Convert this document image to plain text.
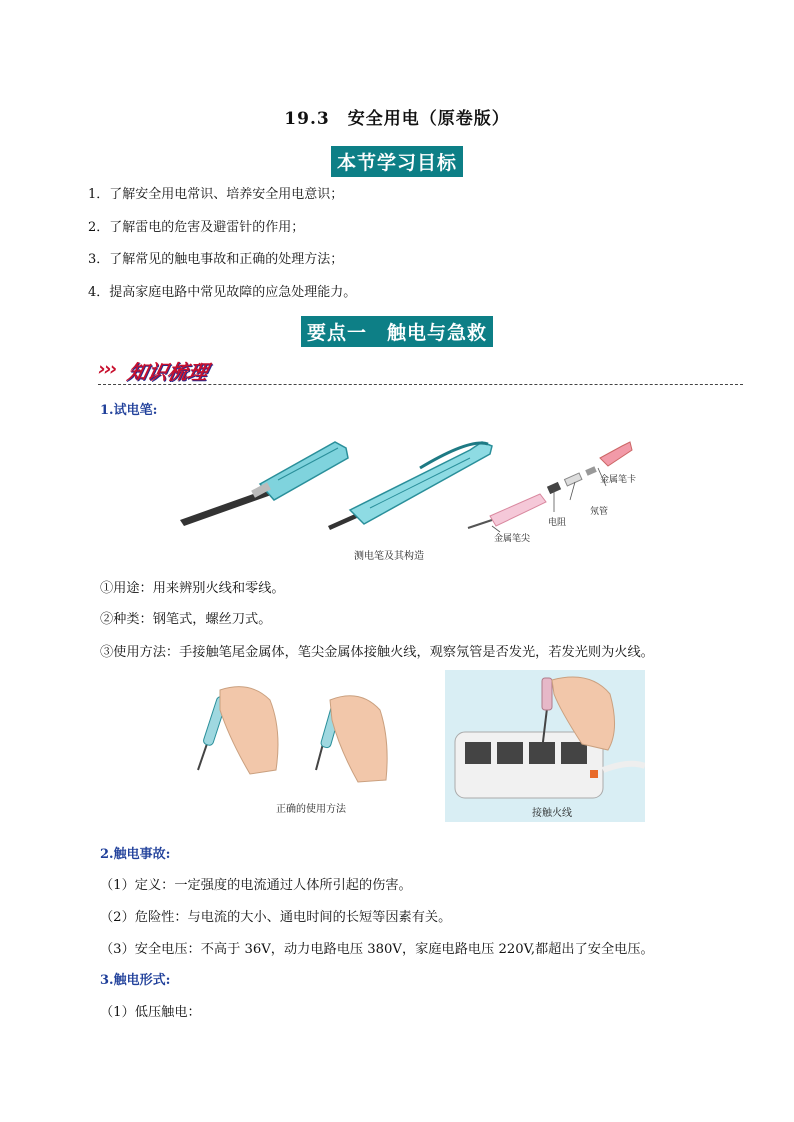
19.3　安全用电（原卷版）
本节学习目标
1．了解安全用电常识、培养安全用电意识；
2．了解雷电的危害及避雷针的作用；
3．了解常见的触电事故和正确的处理方法；
4．提高家庭电路中常见故障的应急处理能力。
要点一　触电与急救
››› 知识梳理
1.试电笔:
金属笔卡
氖管
电阻
金属笔尖
测电笔及其构造
①用途：用来辨别火线和零线。
②种类：钢笔式，螺丝刀式。
③使用方法：手接触笔尾金属体，笔尖金属体接触火线，观察氖管是否发光，若发光则为火线。
正确的使用方法	接触火线
2.触电事故:
（1）定义：一定强度的电流通过人体所引起的伤害。
（2）危险性：与电流的大小、通电时间的长短等因素有关。
（3）安全电压：不高于 36V，动力电路电压 380V，家庭电路电压 220V,都超出了安全电压。
3.触电形式:
（1）低压触电：
